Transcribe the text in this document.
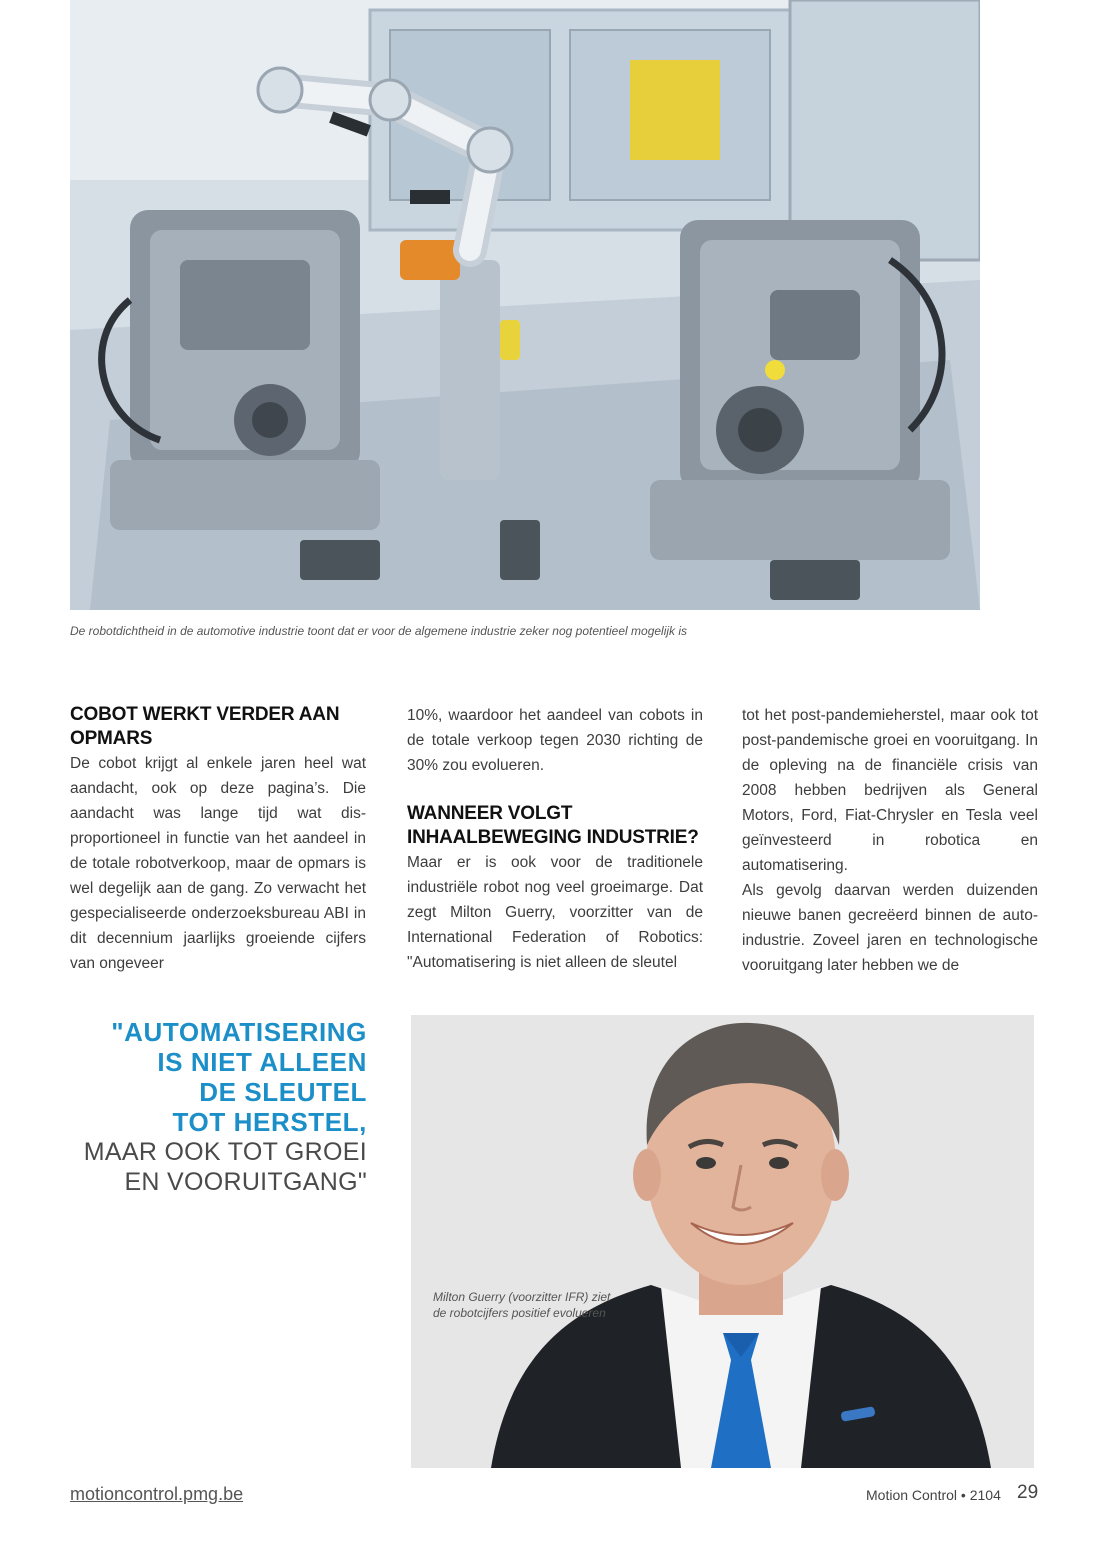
De robotdichtheid in de automotive industrie toont dat er voor de algemene industrie zeker nog potentieel mogelijk is
COBOT WERKT VERDER AAN OPMARS

De cobot krijgt al enkele jaren heel wat aandacht, ook op deze pagina’s. Die aandacht was lange tijd wat disproportioneel in functie van het aandeel in de totale robotverkoop, maar de opmars is wel degelijk aan de gang. Zo verwacht het gespecialiseerde onderzoeksbureau ABI in dit decennium jaarlijks groeiende cijfers van ongeveer

10%, waardoor het aandeel van cobots in de totale verkoop tegen 2030 richting de 30% zou evolueren.

WANNEER VOLGT INHAALBEWEGING INDUSTRIE?

Maar er is ook voor de traditionele industriële robot nog veel groeimarge. Dat zegt Milton Guerry, voorzitter van de International Federation of Robotics: "Automatisering is niet alleen de sleutel

tot het post-pandemieherstel, maar ook tot post-pandemische groei en vooruitgang. In de opleving na de financiële crisis van 2008 hebben bedrijven als General Motors, Ford, Fiat-Chrysler en Tesla veel geïnvesteerd in robotica en automatisering.

Als gevolg daarvan werden duizenden nieuwe banen gecreëerd binnen de auto-industrie. Zoveel jaren en technologische vooruitgang later hebben we de

"AUTOMATISERING
IS NIET ALLEEN
DE SLEUTEL
TOT HERSTEL,
MAAR OOK TOT GROEI
EN VOORUITGANG"
Milton Guerry (voorzitter IFR) ziet
de robotcijfers positief evolueren
motioncontrol.pmg.be	Motion Control • 2104 29
